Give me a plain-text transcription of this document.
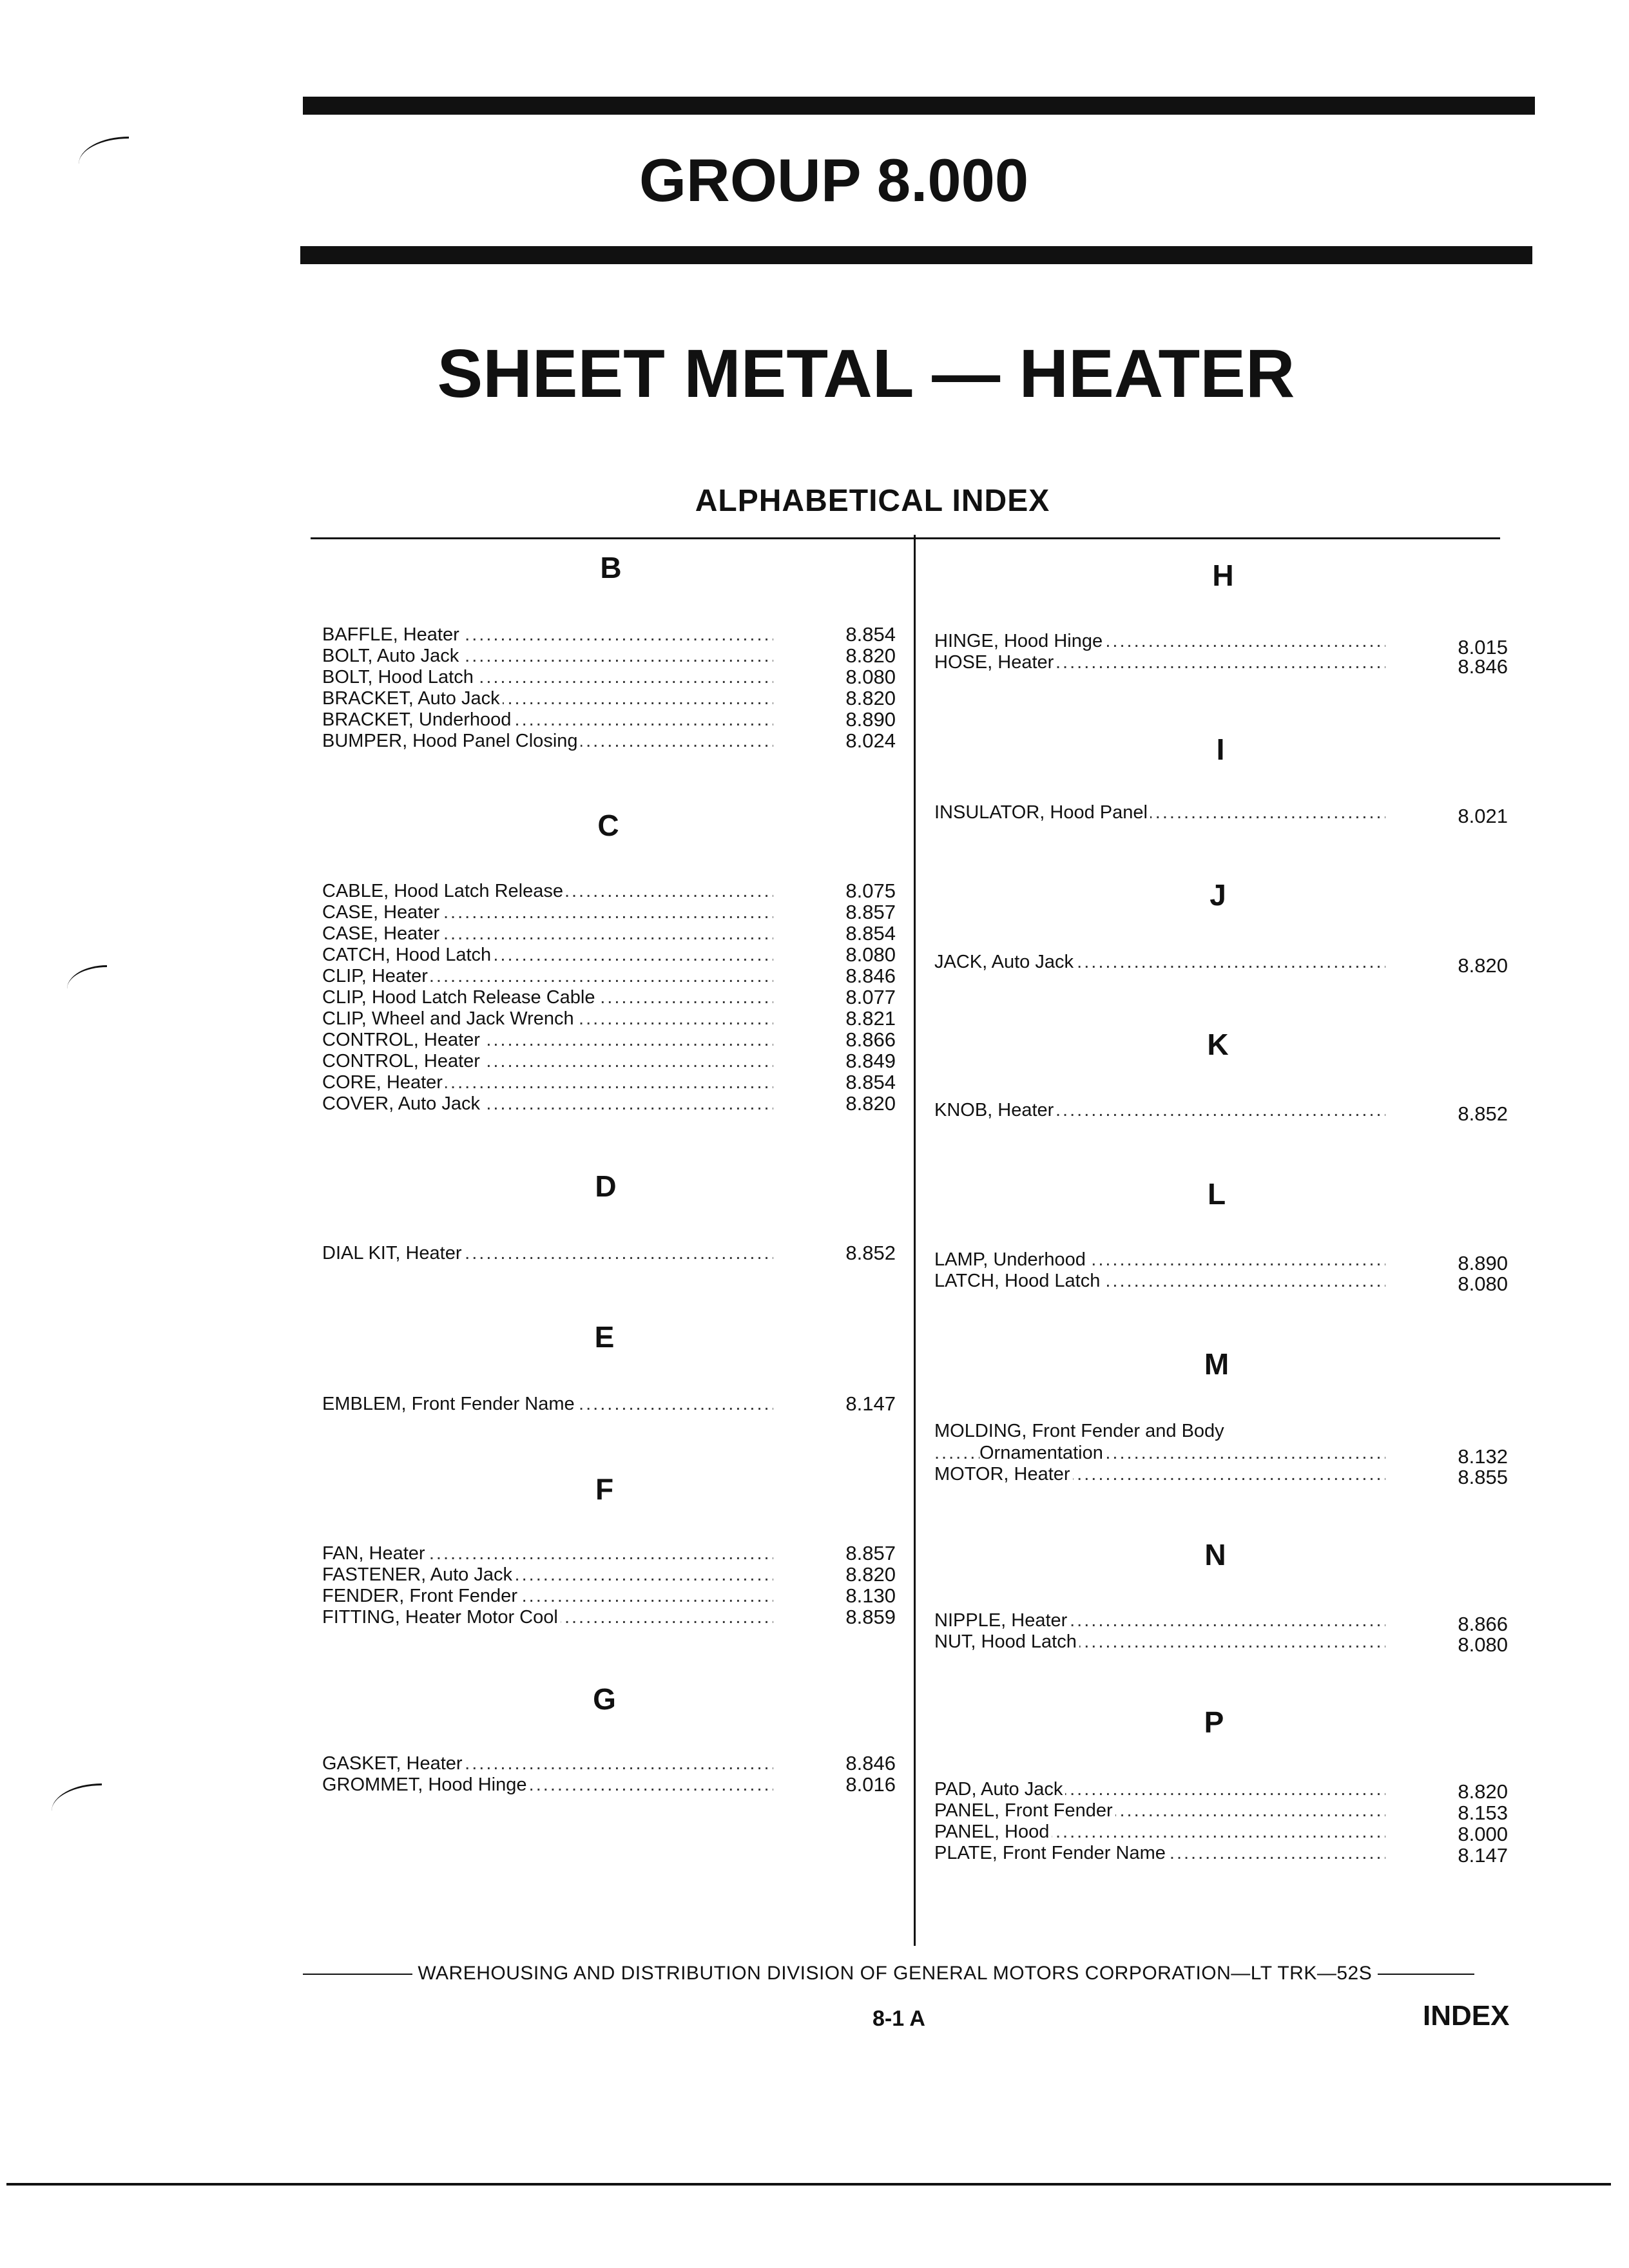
GROUP 8.000
SHEET METAL — HEATER
ALPHABETICAL INDEX
B
BAFFLE, Heater .....	8.854
BOLT, Auto Jack .....	8.820
BOLT, Hood Latch .....	8.080
BRACKET, Auto Jack .....	8.820
BRACKET, Underhood .....	8.890
BUMPER, Hood Panel Closing .....	8.024
C
CABLE, Hood Latch Release .....	8.075
CASE, Heater .....	8.857
CASE, Heater .....	8.854
CATCH, Hood Latch .....	8.080
CLIP, Heater .....	8.846
CLIP, Hood Latch Release Cable .....	8.077
CLIP, Wheel and Jack Wrench .....	8.821
CONTROL, Heater .....	8.866
CONTROL, Heater .....	8.849
CORE, Heater .....	8.854
COVER, Auto Jack .....	8.820
D
DIAL KIT, Heater .....	8.852
E
EMBLEM, Front Fender Name .....	8.147
F
FAN, Heater .....	8.857
FASTENER, Auto Jack .....	8.820
FENDER, Front Fender .....	8.130
FITTING, Heater Motor Cool .....	8.859
G
GASKET, Heater .....	8.846
GROMMET, Hood Hinge .....	8.016
H
HINGE, Hood Hinge .....	8.015
HOSE, Heater .....	8.846
I
INSULATOR, Hood Panel .....	8.021
J
JACK, Auto Jack .....	8.820
K
KNOB, Heater .....	8.852
L
LAMP, Underhood .....	8.890
LATCH, Hood Latch .....	8.080
M
MOLDING, Front Fender and Body
Ornamentation .....	8.132
MOTOR, Heater .....	8.855
N
NIPPLE, Heater .....	8.866
NUT, Hood Latch .....	8.080
P
PAD, Auto Jack .....	8.820
PANEL, Front Fender .....	8.153
PANEL, Hood .....	8.000
PLATE, Front Fender Name .....	8.147
WAREHOUSING AND DISTRIBUTION DIVISION OF GENERAL MOTORS CORPORATION—LT TRK—52S
8-1 A	INDEX
